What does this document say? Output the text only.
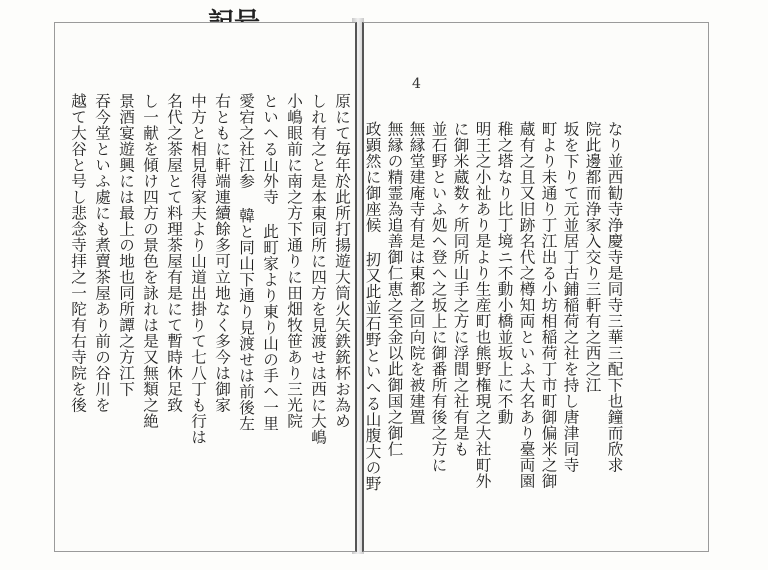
原にて毎年於此所打揚遊大筒火矢鉄銃杯お為め
しれ有之と是本東同所に四方を見渡せは西に大嶋
小嶋眼前に南之方下通りに田畑牧笹あり三光院
といへる山外寺 此町家より東り山の手へ一里
愛宕之社江参 韓と同山下通り見渡せは前後左
右ともに軒端連續餘多可立地なく多今は御家
中方と相見得家夫より山道出掛りて七八丁も行は
名代之茶屋とて料理茶屋有是にて暫時休足致
し一献を傾け四方の景色を詠れは是又無類之絶
景酒宴遊興には最上の地也同所譚之方江下
吞今堂といふ處にも煮賣茶屋あり前の谷川を
越て大谷と号し悲念寺拝之一陀有右寺院を後	なり並西勧寺浄慶寺是同寺三華三配下也鐘而欣求
院此邊都而浄家入交り三軒有之西之江
坂を下りて元並居丁古鋪稲荷之社を持し唐津同寺
町より未通り丁江出る小坊相稲荷丁市町御偏米之御
蔵有之且又旧跡名代之樽知両といふ大名あり臺両園
稚之塔なり比丁境ニ不動小橋並坂上に不動
明王之小祉あり是より生産町也熊野権現之大社町外
に御米蔵数ヶ所同所山手之方に浮間之社有是も
並石野といふ処へ登へ之坂上に御番所有後之方に
無縁堂建庵寺有是は東都之回向院を被建置
無縁の精霊為追善御仁恵之至金以此御国之御仁
政顕然に御座候 扨又此並石野といへる山腹大の野
4
